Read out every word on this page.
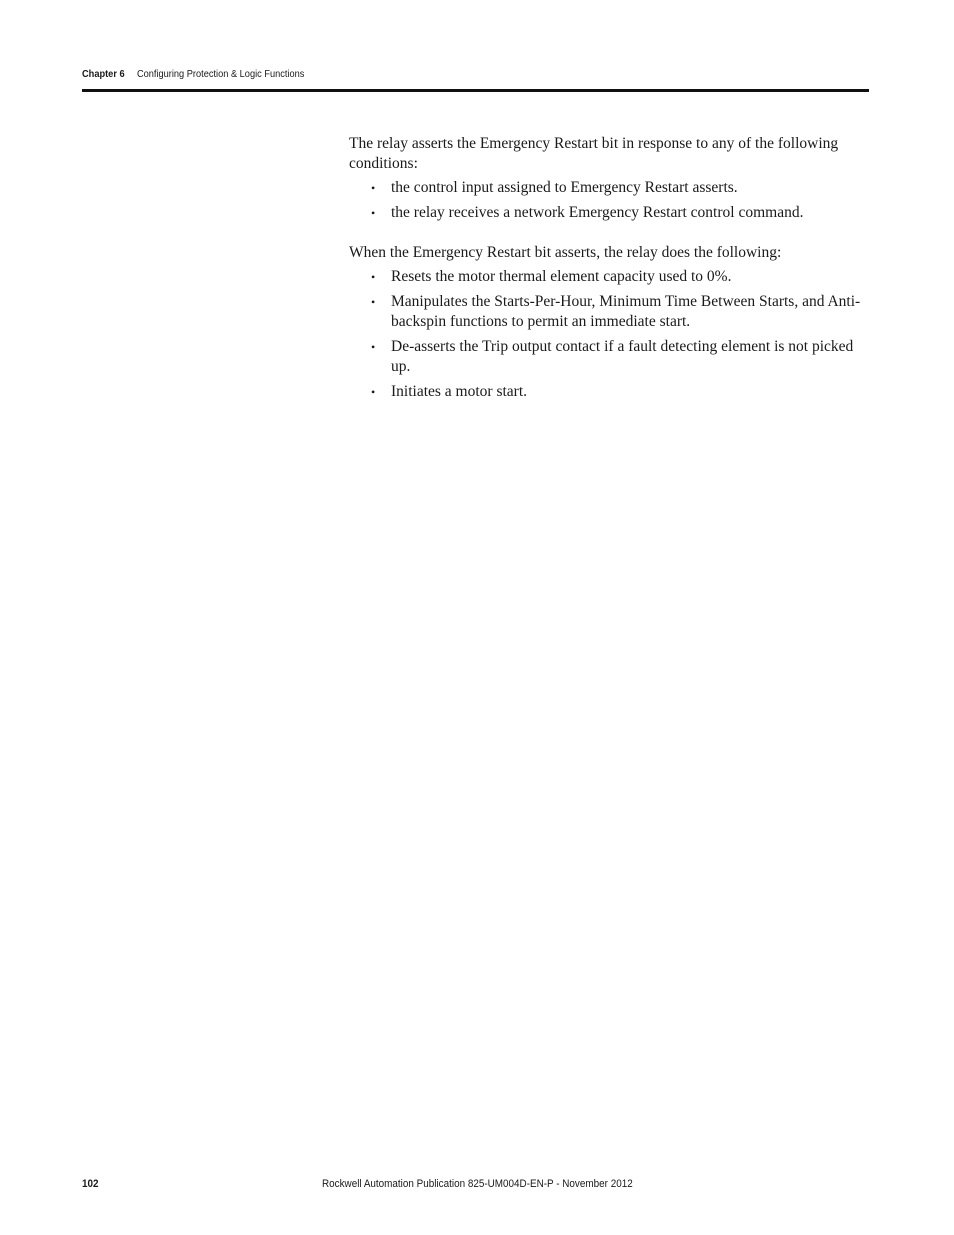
Chapter 6 Configuring Protection & Logic Functions

The relay asserts the Emergency Restart bit in response to any of the following conditions:

• the control input assigned to Emergency Restart asserts.
• the relay receives a network Emergency Restart control command.

When the Emergency Restart bit asserts, the relay does the following:

• Resets the motor thermal element capacity used to 0%.
• Manipulates the Starts-Per-Hour, Minimum Time Between Starts, and Anti-backspin functions to permit an immediate start.
• De-asserts the Trip output contact if a fault detecting element is not picked up.
• Initiates a motor start.
102	Rockwell Automation Publication 825-UM004D-EN-P - November 2012
